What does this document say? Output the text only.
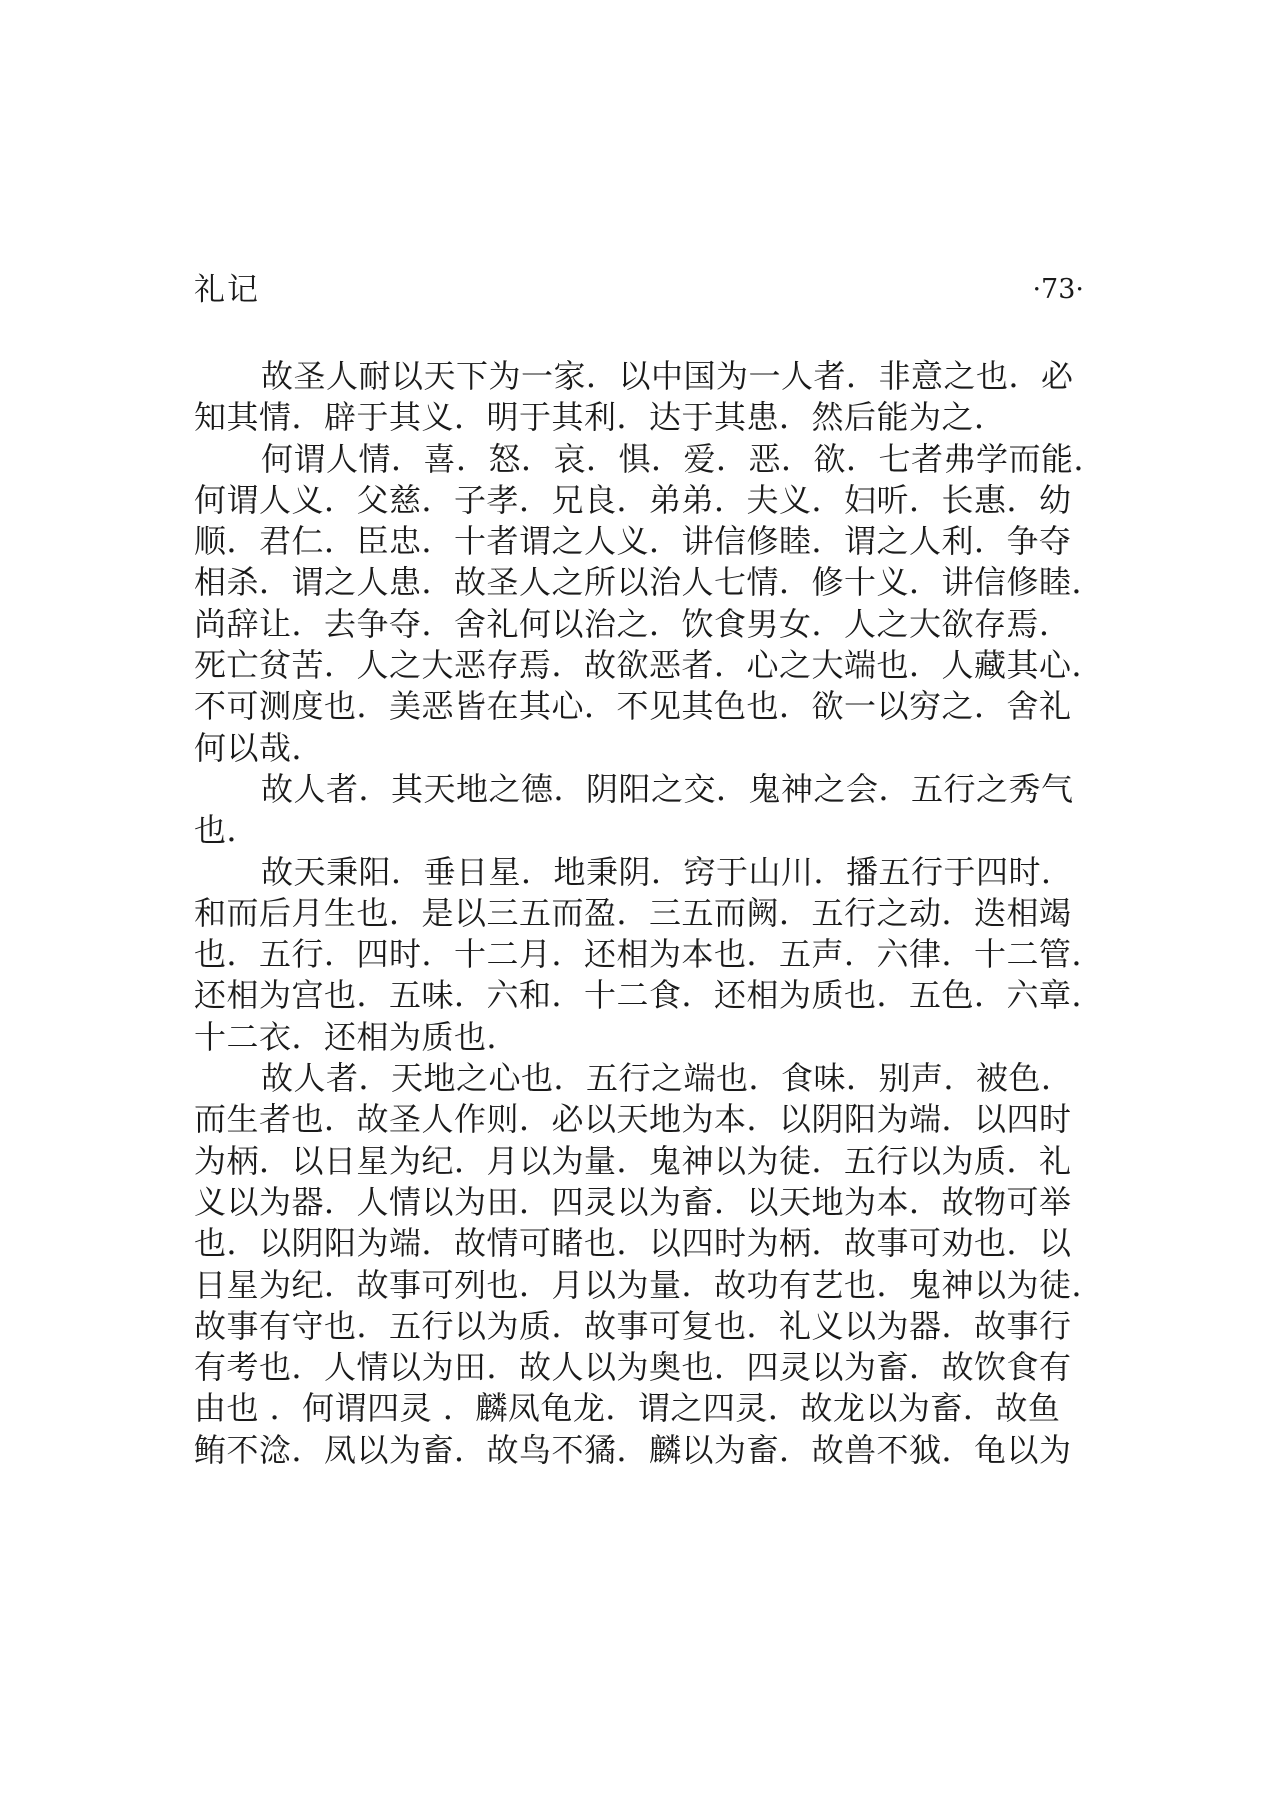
礼记	·73·
故圣人耐以天下为一家．以中国为一人者．非意之也．必
知其情．辟于其义．明于其利．达于其患．然后能为之．
何谓人情．喜．怒．哀．惧．爱．恶．欲．七者弗学而能．
何谓人义．父慈．子孝．兄良．弟弟．夫义．妇听．长惠．幼
顺．君仁．臣忠．十者谓之人义．讲信修睦．谓之人利．争夺
相杀．谓之人患．故圣人之所以治人七情．修十义．讲信修睦．
尚辞让．去争夺．舍礼何以治之．饮食男女．人之大欲存焉．
死亡贫苦．人之大恶存焉．故欲恶者．心之大端也．人藏其心．
不可测度也．美恶皆在其心．不见其色也．欲一以穷之．舍礼
何以哉．
故人者．其天地之德．阴阳之交．鬼神之会．五行之秀气
也．
故天秉阳．垂日星．地秉阴．窍于山川．播五行于四时．
和而后月生也．是以三五而盈．三五而阙．五行之动．迭相竭
也．五行．四时．十二月．还相为本也．五声．六律．十二管．
还相为宫也．五味．六和．十二食．还相为质也．五色．六章．
十二衣．还相为质也．
故人者．天地之心也．五行之端也．食味．别声．被色．
而生者也．故圣人作则．必以天地为本．以阴阳为端．以四时
为柄．以日星为纪．月以为量．鬼神以为徒．五行以为质．礼
义以为器．人情以为田．四灵以为畜．以天地为本．故物可举
也．以阴阳为端．故情可睹也．以四时为柄．故事可劝也．以
日星为纪．故事可列也．月以为量．故功有艺也．鬼神以为徒．
故事有守也．五行以为质．故事可复也．礼义以为器．故事行
有考也．人情以为田．故人以为奥也．四灵以为畜．故饮食有
由也 ．何谓四灵 ．麟凤龟龙．谓之四灵．故龙以为畜．故鱼
鲔不淰．凤以为畜．故鸟不獝．麟以为畜．故兽不狘．龟以为
